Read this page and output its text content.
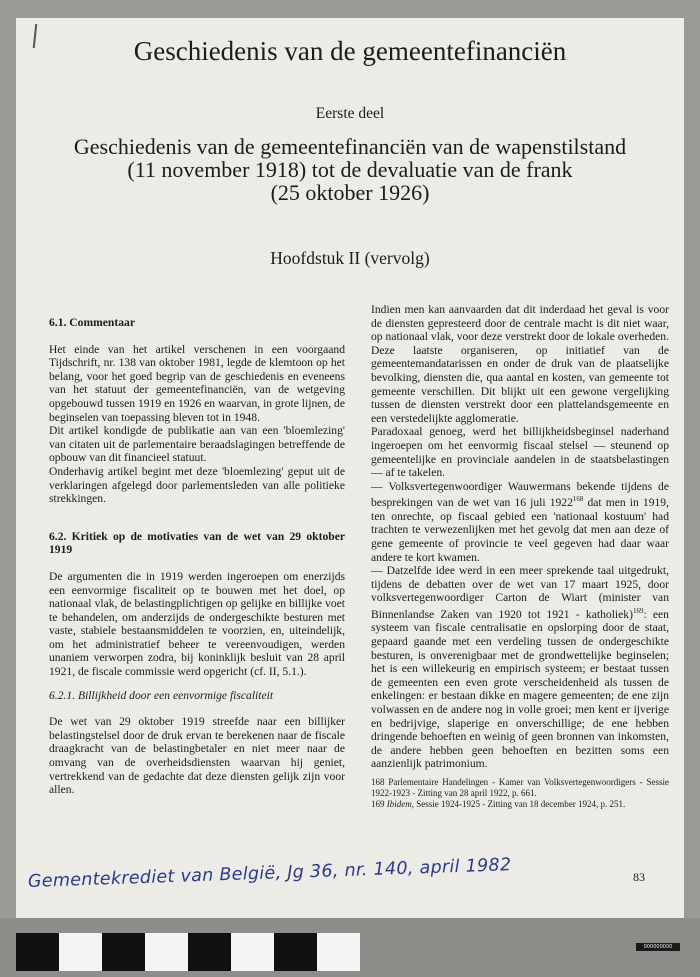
Geschiedenis van de gemeentefinanciën
Eerste deel
Geschiedenis van de gemeentefinanciën van de wapenstilstand
(11 november 1918) tot de devaluatie van de frank
(25 oktober 1926)
Hoofdstuk II (vervolg)

6.1. Commentaar

Het einde van het artikel verschenen in een voorgaand Tijdschrift, nr. 138 van oktober 1981, legde de klemtoon op het belang, voor het goed begrip van de geschiedenis en eveneens van het statuut der gemeentefinanciën, van de wetgeving opgebouwd tussen 1919 en 1926 en waarvan, in grote lijnen, de beginselen van toepassing bleven tot in 1948.

Dit artikel kondigde de publikatie aan van een 'bloemlezing' van citaten uit de parlementaire beraadslagingen betreffende de opbouw van dit financieel statuut.

Onderhavig artikel begint met deze 'bloemlezing' geput uit de verklaringen afgelegd door parlementsleden van alle politieke strekkingen.

6.2. Kritiek op de motivaties van de wet van 29 oktober 1919

De argumenten die in 1919 werden ingeroepen om enerzijds een eenvormige fiscaliteit op te bouwen met het doel, op nationaal vlak, de belastingplichtigen op gelijke en billijke voet te behandelen, om anderzijds de ondergeschikte besturen met vaste, stabiele bestaansmiddelen te voorzien, en, uiteindelijk, om het administratief beheer te vereenvoudigen, werden unaniem verworpen zodra, bij koninklijk besluit van 28 april 1921, de fiscale commissie werd opgericht (cf. II, 5.1.).

6.2.1. Billijkheid door een eenvormige fiscaliteit

De wet van 29 oktober 1919 streefde naar een billijker belastingstelsel door de druk ervan te berekenen naar de fiscale draagkracht van de belastingbetaler en niet meer naar de omvang van de overheidsdiensten waarvan hij geniet, vertrekkend van de gedachte dat deze diensten gelijk zijn voor allen.

Indien men kan aanvaarden dat dit inderdaad het geval is voor de diensten gepresteerd door de centrale macht is dit niet waar, op nationaal vlak, voor deze verstrekt door de lokale overheden. Deze laatste organiseren, op initiatief van de gemeentemandatarissen en onder de druk van de plaatselijke bevolking, diensten die, qua aantal en kosten, van gemeente tot gemeente verschillen. Dit blijkt uit een gewone vergelijking tussen de diensten verstrekt door een plattelandsgemeente en een verstedelijkte agglomeratie.

Paradoxaal genoeg, werd het billijkheidsbeginsel naderhand ingeroepen om het eenvormig fiscaal stelsel — steunend op gemeentelijke en provinciale aandelen in de staatsbelastingen — af te takelen.

— Volksvertegenwoordiger Wauwermans bekende tijdens de besprekingen van de wet van 16 juli 1922$^{168}$ dat men in 1919, ten onrechte, op fiscaal gebied een 'nationaal kostuum' had trachten te verwezenlijken met het gevolg dat men aan deze of gene gemeente of provincie te veel gegeven had daar waar andere te kort kwamen.

— Datzelfde idee werd in een meer sprekende taal uitgedrukt, tijdens de debatten over de wet van 17 maart 1925, door volksvertegenwoordiger Carton de Wiart (minister van Binnenlandse Zaken van 1920 tot 1921 - katholiek)$^{169}$: een systeem van fiscale centralisatie en opslorping door de staat, gepaard gaande met een verdeling tussen de ondergeschikte besturen, is onverenigbaar met de grondwettelijke beginselen; het is een willekeurig en empirisch systeem; er bestaat tussen de gemeenten een even grote verscheidenheid als tussen de enkelingen: er bestaan dikke en magere gemeenten; de ene zijn volwassen en de andere nog in volle groei; men kent er ijverige en bedrijvige, slaperige en onverschillige; de ene hebben dringende behoeften en weinig of geen bronnen van inkomsten, de andere hebben geen behoeften en bezitten soms een aanzienlijk patrimonium.

168 Parlementaire Handelingen - Kamer van Volksvertegenwoordigers - Sessie 1922-1923 - Zitting van 28 april 1922, p. 661.

169 Ibidem, Sessie 1924-1925 - Zitting van 18 december 1924, p. 251.

83
Gementekrediet van Belgiё, Jg 36, nr. 140, april 1982
000000000
